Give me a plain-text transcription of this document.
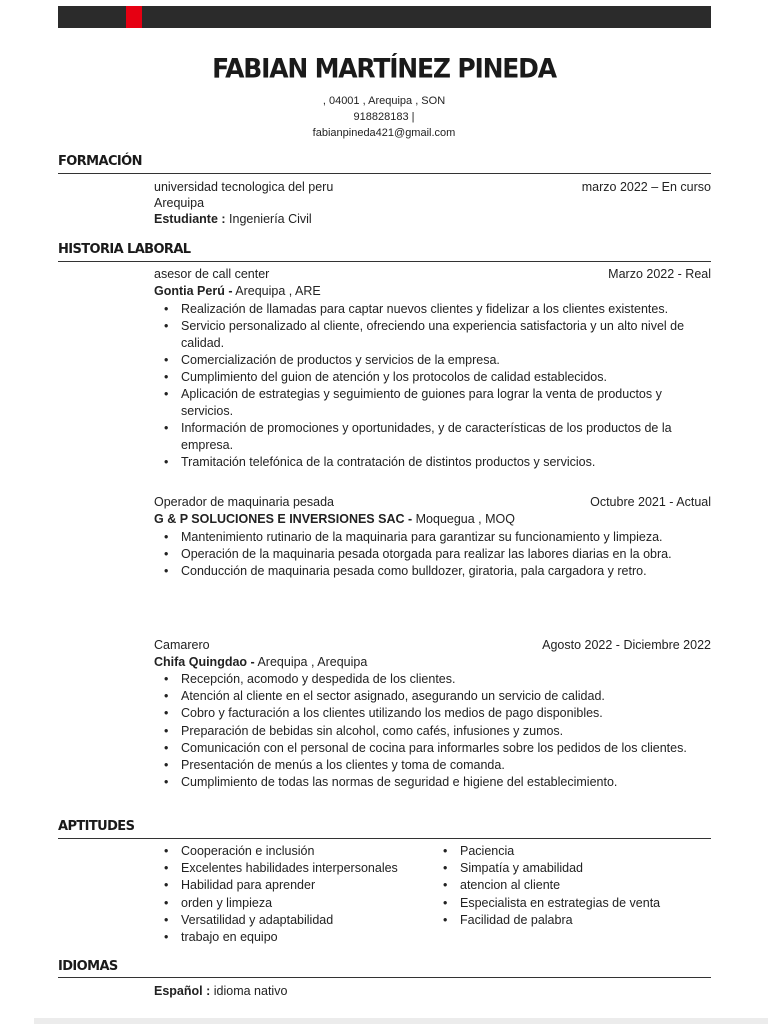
FABIAN MARTÍNEZ PINEDA
, 04001 , Arequipa , SON
918828183 |
fabianpineda421@gmail.com
FORMACIÓN
universidad tecnologica del peru	marzo 2022 – En curso
Arequipa
Estudiante : Ingeniería Civil
HISTORIA LABORAL
asesor de call center	Marzo 2022 - Real
Gontia Perú - Arequipa , ARE
• Realización de llamadas para captar nuevos clientes y fidelizar a los clientes existentes.
• Servicio personalizado al cliente, ofreciendo una experiencia satisfactoria y un alto nivel de calidad.
• Comercialización de productos y servicios de la empresa.
• Cumplimiento del guion de atención y los protocolos de calidad establecidos.
• Aplicación de estrategias y seguimiento de guiones para lograr la venta de productos y servicios.
• Información de promociones y oportunidades, y de características de los productos de la empresa.
• Tramitación telefónica de la contratación de distintos productos y servicios.
Operador de maquinaria pesada	Octubre 2021 - Actual
G & P SOLUCIONES E INVERSIONES SAC - Moquegua , MOQ
• Mantenimiento rutinario de la maquinaria para garantizar su funcionamiento y limpieza.
• Operación de la maquinaria pesada otorgada para realizar las labores diarias en la obra.
• Conducción de maquinaria pesada como bulldozer, giratoria, pala cargadora y retro.
Camarero	Agosto 2022 - Diciembre 2022
Chifa Quingdao - Arequipa , Arequipa
• Recepción, acomodo y despedida de los clientes.
• Atención al cliente en el sector asignado, asegurando un servicio de calidad.
• Cobro y facturación a los clientes utilizando los medios de pago disponibles.
• Preparación de bebidas sin alcohol, como cafés, infusiones y zumos.
• Comunicación con el personal de cocina para informarles sobre los pedidos de los clientes.
• Presentación de menús a los clientes y toma de comanda.
• Cumplimiento de todas las normas de seguridad e higiene del establecimiento.
APTITUDES
• Cooperación e inclusión
• Excelentes habilidades interpersonales
• Habilidad para aprender
• orden y limpieza
• Versatilidad y adaptabilidad
• trabajo en equipo
• Paciencia
• Simpatía y amabilidad
• atencion al cliente
• Especialista en estrategias de venta
• Facilidad de palabra
IDIOMAS
Español : idioma nativo
